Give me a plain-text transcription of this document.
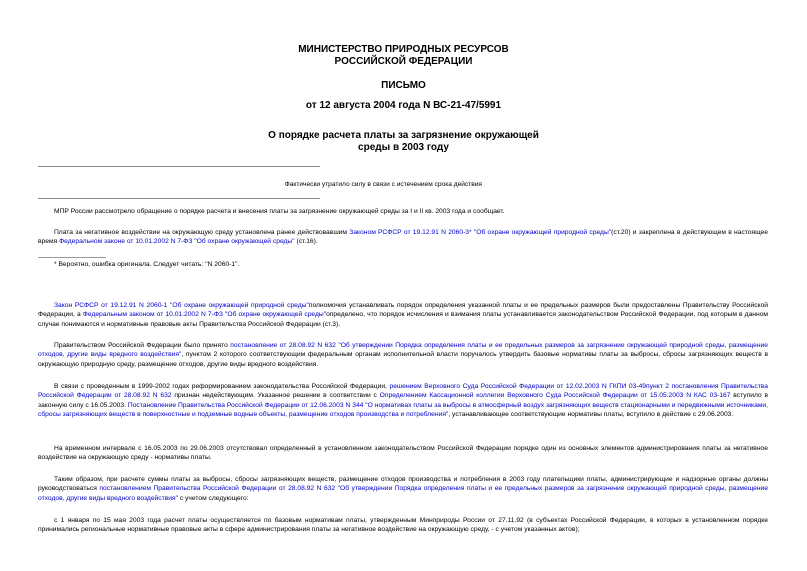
МИНИСТЕРСТВО ПРИРОДНЫХ РЕСУРСОВ
РОССИЙСКОЙ ФЕДЕРАЦИИ
ПИСЬМО
от 12 августа 2004 года N ВС-21-47/5991
О порядке расчета платы за загрязнение окружающей
среды в 2003 году
Фактически утратило силу в связи с истечением срока действия
МПР России рассмотрело обращение о порядке расчета и внесения платы за загрязнение окружающей среды за I и II кв. 2003 года и сообщает.
Плата за негативное воздействие на окружающую среду установлена ранее действовавшим Законом РСФСР от 19.12.91 N 2060-3* "Об охране окружающей природной среды"(ст.20) и закреплена в действующем в настоящее время Федеральном законе от 10.01.2002 N 7-ФЗ "Об охране окружающей среды" (ст.16).
* Вероятно, ошибка оригинала. Следует читать: "N 2060-1".
Закон РСФСР от 19.12.91 N 2060-1 "Об охране окружающей природной среды"полномочия устанавливать порядок определения указанной платы и ее предельных размеров были предоставлены Правительству Российской Федерации, а Федеральным законом от 10.01.2002 N 7-ФЗ "Об охране окружающей среды"определено, что порядок исчисления и взимания платы устанавливается законодательством Российской Федерации, под которым в данном случае понимаются и нормативные правовые акты Правительства Российской Федерации (ст.3).
Правительством Российской Федерации было принято постановление от 28.08.92 N 632 "Об утверждении Порядка определения платы и ее предельных размеров за загрязнение окружающей природной среды, размещение отходов, другие виды вредного воздействия", пунктом 2 которого соответствующим федеральным органам исполнительной власти поручалось утвердить базовые нормативы платы за выбросы, сбросы загрязняющих веществ в окружающую природную среду, размещение отходов, другие виды вредного воздействия.
В связи с проведенным в 1999-2002 годах реформированием законодательства Российской Федерации, решением Верховного Суда Российской Федерации от 12.02.2003 N ГКПИ 03-49пункт 2 постановления Правительства Российской Федерации от 28.08.92 N 632 признан недействующим. Указанное решение в соответствии с Определением Кассационной коллегии Верховного Суда Российской Федерации от 15.05.2003 N КАС 03-167 вступило в законную силу с 16.05.2003. Постановление Правительства Российской Федерации от 12.06.2003 N 344 "О нормативах платы за выбросы в атмосферный воздух загрязняющих веществ стационарными и передвижными источниками, сбросы загрязняющих веществ в поверхностные и подземные водные объекты, размещение отходов производства и потребления", устанавливающее соответствующие нормативы платы, вступило в действие с 29.06.2003.
На временном интервале с 16.05.2003 по 29.06.2003 отсутствовал определенный в установленном законодательством Российской Федерации порядке один из основных элементов администрирования платы за негативное воздействие на окружающую среду - нормативы платы.
Таким образом, при расчете суммы платы за выбросы, сбросы загрязняющих веществ, размещение отходов производства и потребления в 2003 году плательщики платы, администрирующие и надзорные органы должны руководствоваться постановлением Правительства Российской Федерации от 28.08.92 N 632 "Об утверждении Порядка определения платы и ее предельных размеров за загрязнение окружающей природной среды, размещение отходов, другие виды вредного воздействия" с учетом следующего:
с 1 января по 15 мая 2003 года расчет платы осуществляется по базовым нормативам платы, утвержденным Минприроды России от 27.11.92 (в субъектах Российской Федерации, в которых в установленном порядке принимались региональные нормативные правовые акты в сфере администрирования платы за негативное воздействие на окружающую среду, - с учетом указанных актов);
